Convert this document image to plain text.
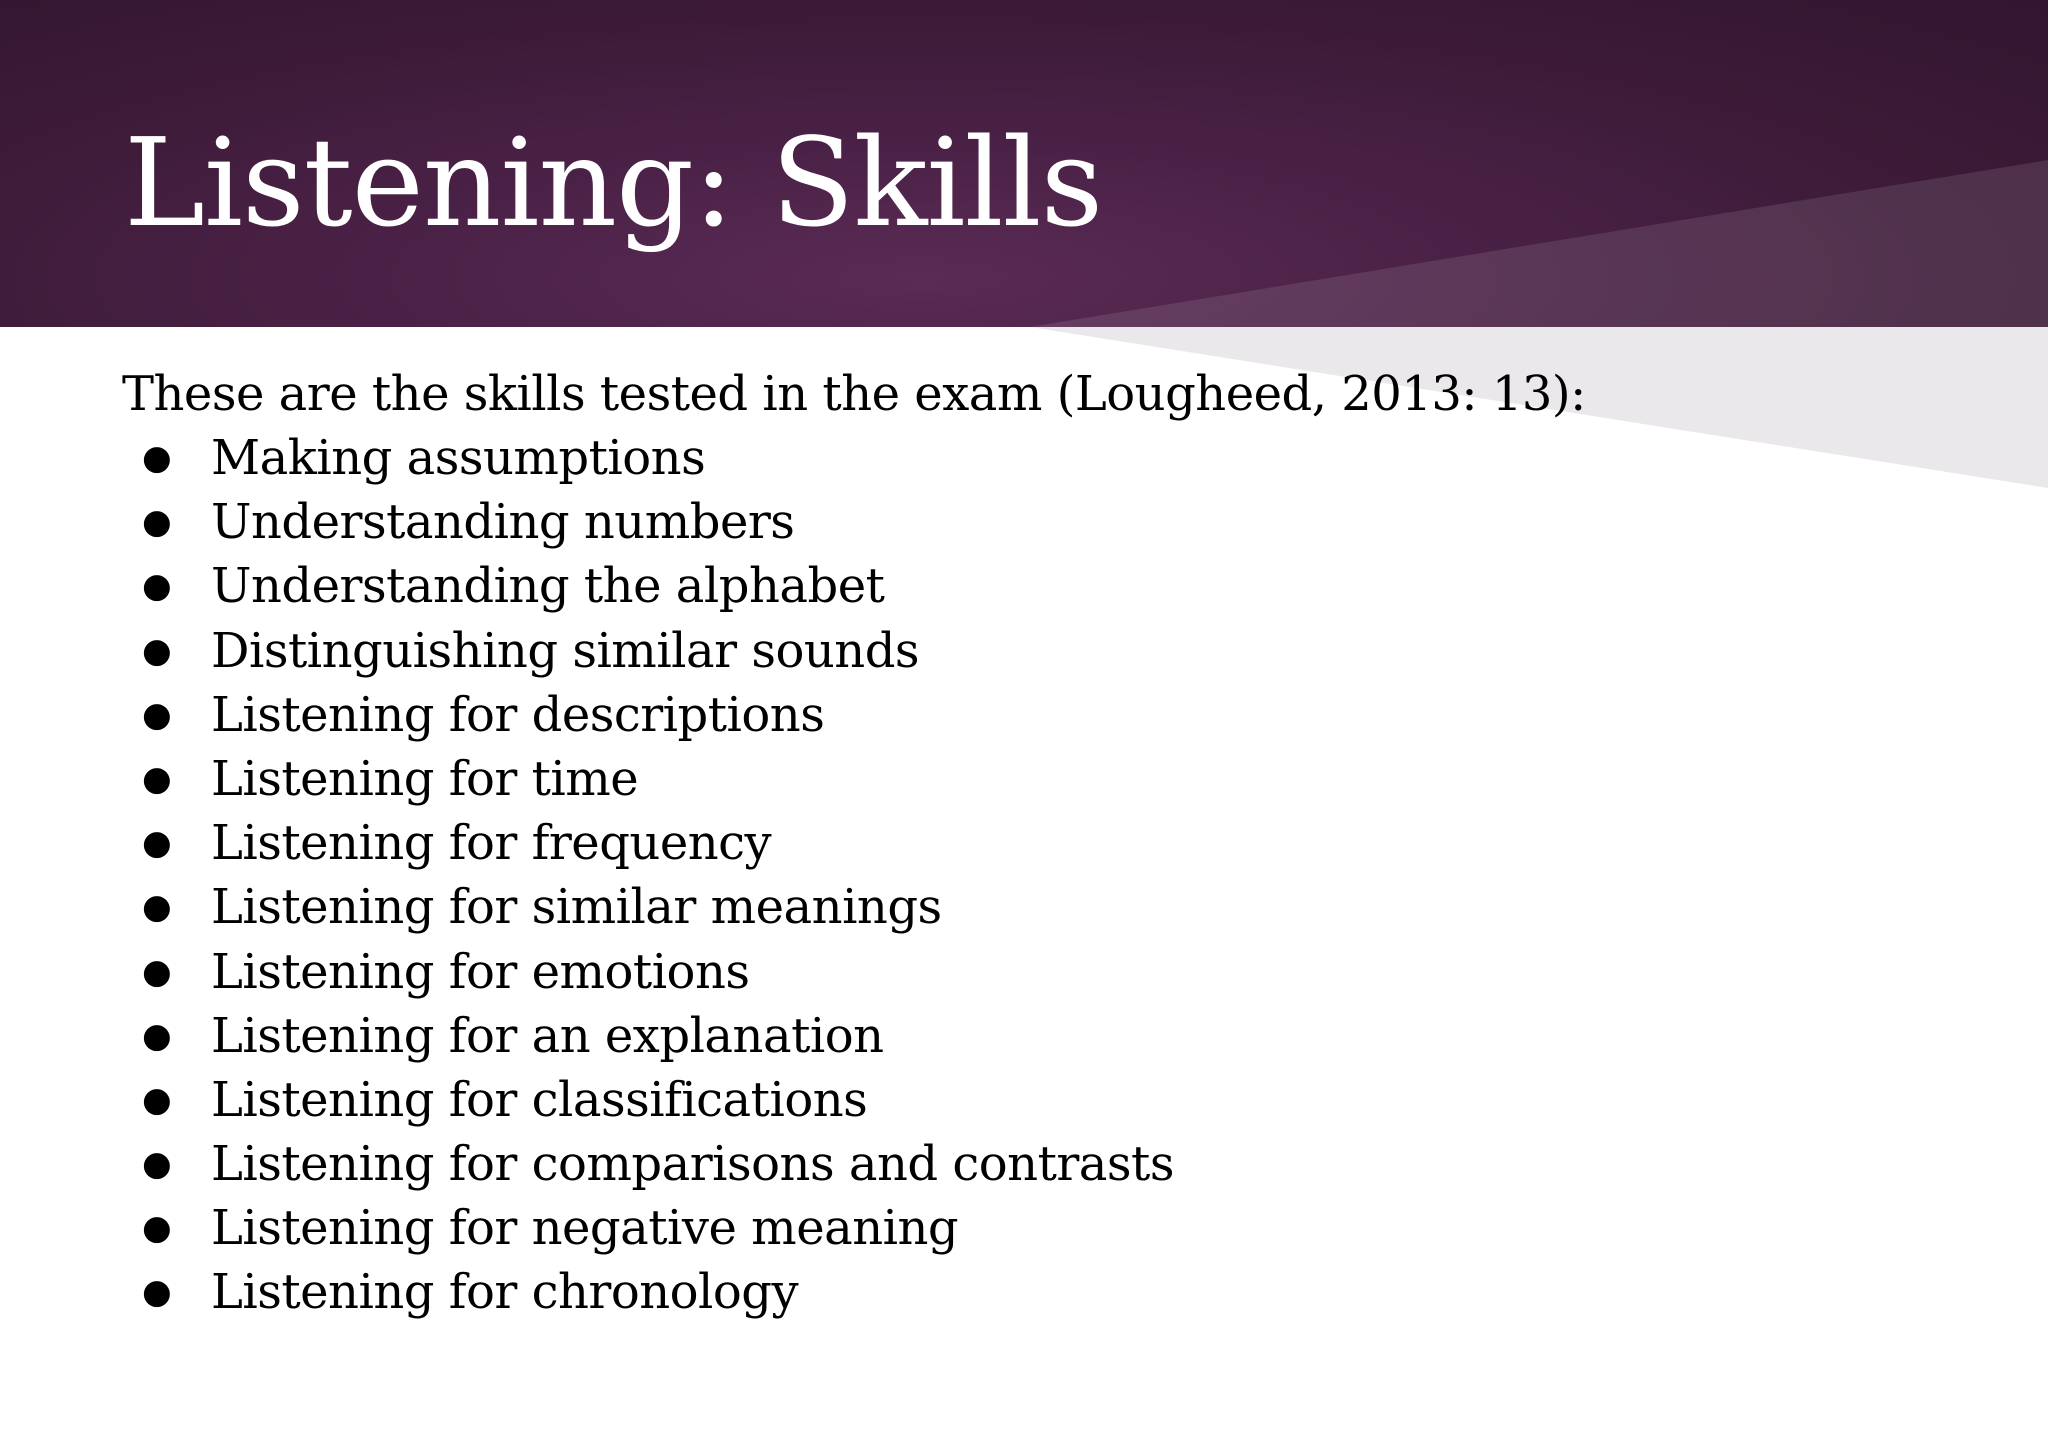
Listening: Skills

These are the skills tested in the exam (Lougheed, 2013: 13):

● Making assumptions
● Understanding numbers
● Understanding the alphabet
● Distinguishing similar sounds
● Listening for descriptions
● Listening for time
● Listening for frequency
● Listening for similar meanings
● Listening for emotions
● Listening for an explanation
● Listening for classifications
● Listening for comparisons and contrasts
● Listening for negative meaning
● Listening for chronology
